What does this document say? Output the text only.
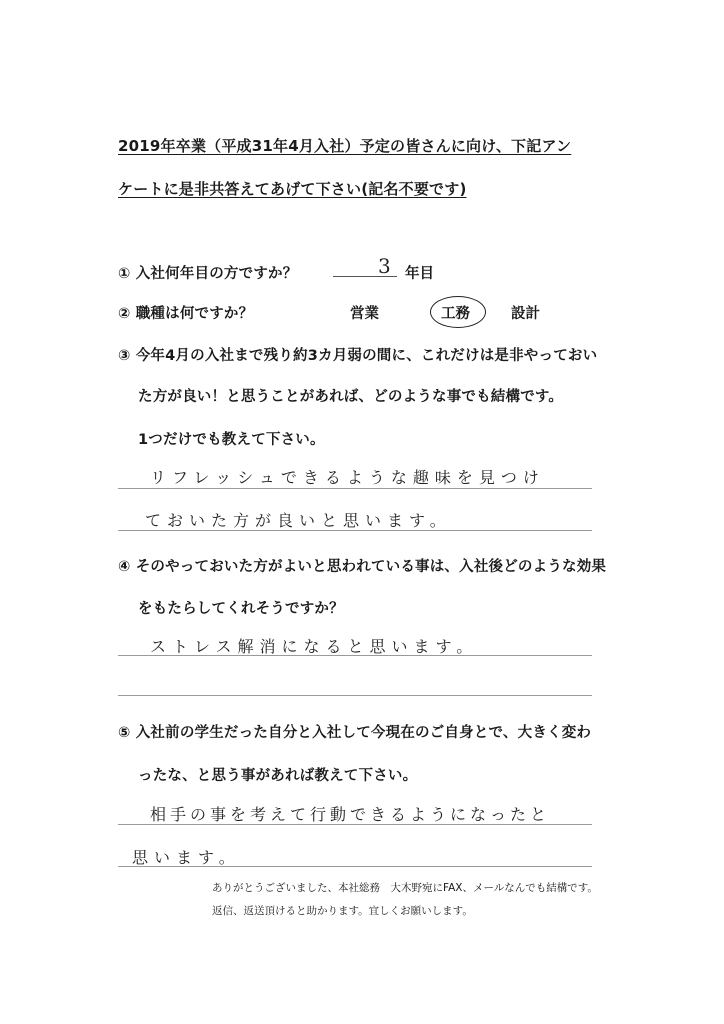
2019年卒業（平成31年4月入社）予定の皆さんに向け、下記アン
ケートに是非共答えてあげて下さい(記名不要です)
① 入社何年目の方ですか？	3 年目
② 職種は何ですか？	営業	工務	設計
③ 今年4月の入社まで残り約3カ月弱の間に、これだけは是非やっておい
た方が良い！と思うことがあれば、どのような事でも結構です。
1つだけでも教えて下さい。
リフレッシュできるような趣味を見つけ
ておいた方が良いと思います。
④ そのやっておいた方がよいと思われている事は、入社後どのような効果
をもたらしてくれそうですか？
ストレス解消になると思います。
⑤ 入社前の学生だった自分と入社して今現在のご自身とで、大きく変わ
ったな、と思う事があれば教えて下さい。
相手の事を考えて行動できるようになったと
思います。
ありがとうございました、本社総務　大木野宛にFAX、メールなんでも結構です。
返信、返送頂けると助かります。宜しくお願いします。
